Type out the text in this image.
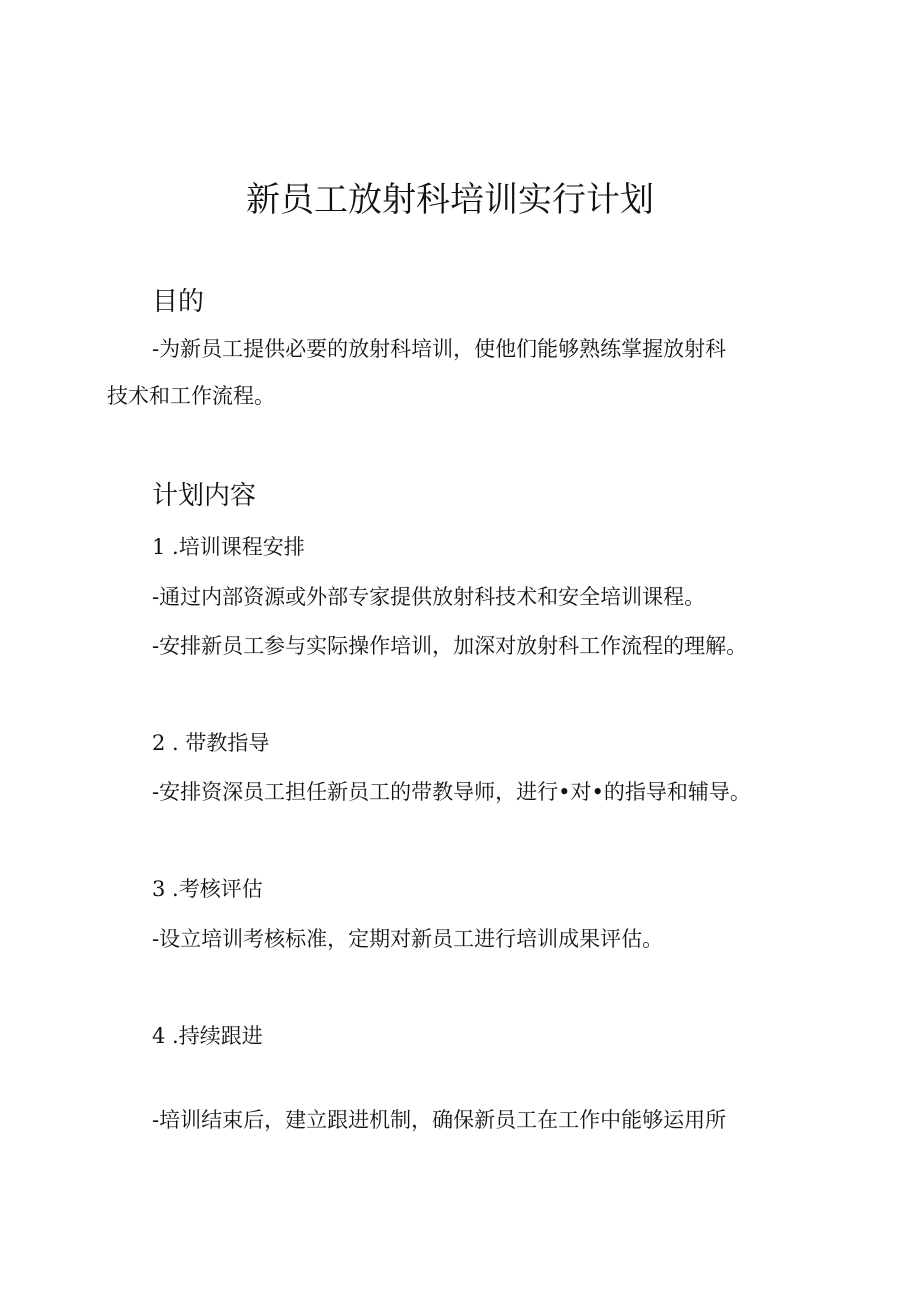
新员工放射科培训实行计划
目的

-为新员工提供必要的放射科培训，使他们能够熟练掌握放射科

技术和工作流程。

计划内容

1 .培训课程安排

-通过内部资源或外部专家提供放射科技术和安全培训课程。

-安排新员工参与实际操作培训，加深对放射科工作流程的理解。

2 . 带教指导

-安排资深员工担任新员工的带教导师，进行•对•的指导和辅导。

3 .考核评估

-设立培训考核标准，定期对新员工进行培训成果评估。

4 .持续跟进

-培训结束后，建立跟进机制，确保新员工在工作中能够运用所
